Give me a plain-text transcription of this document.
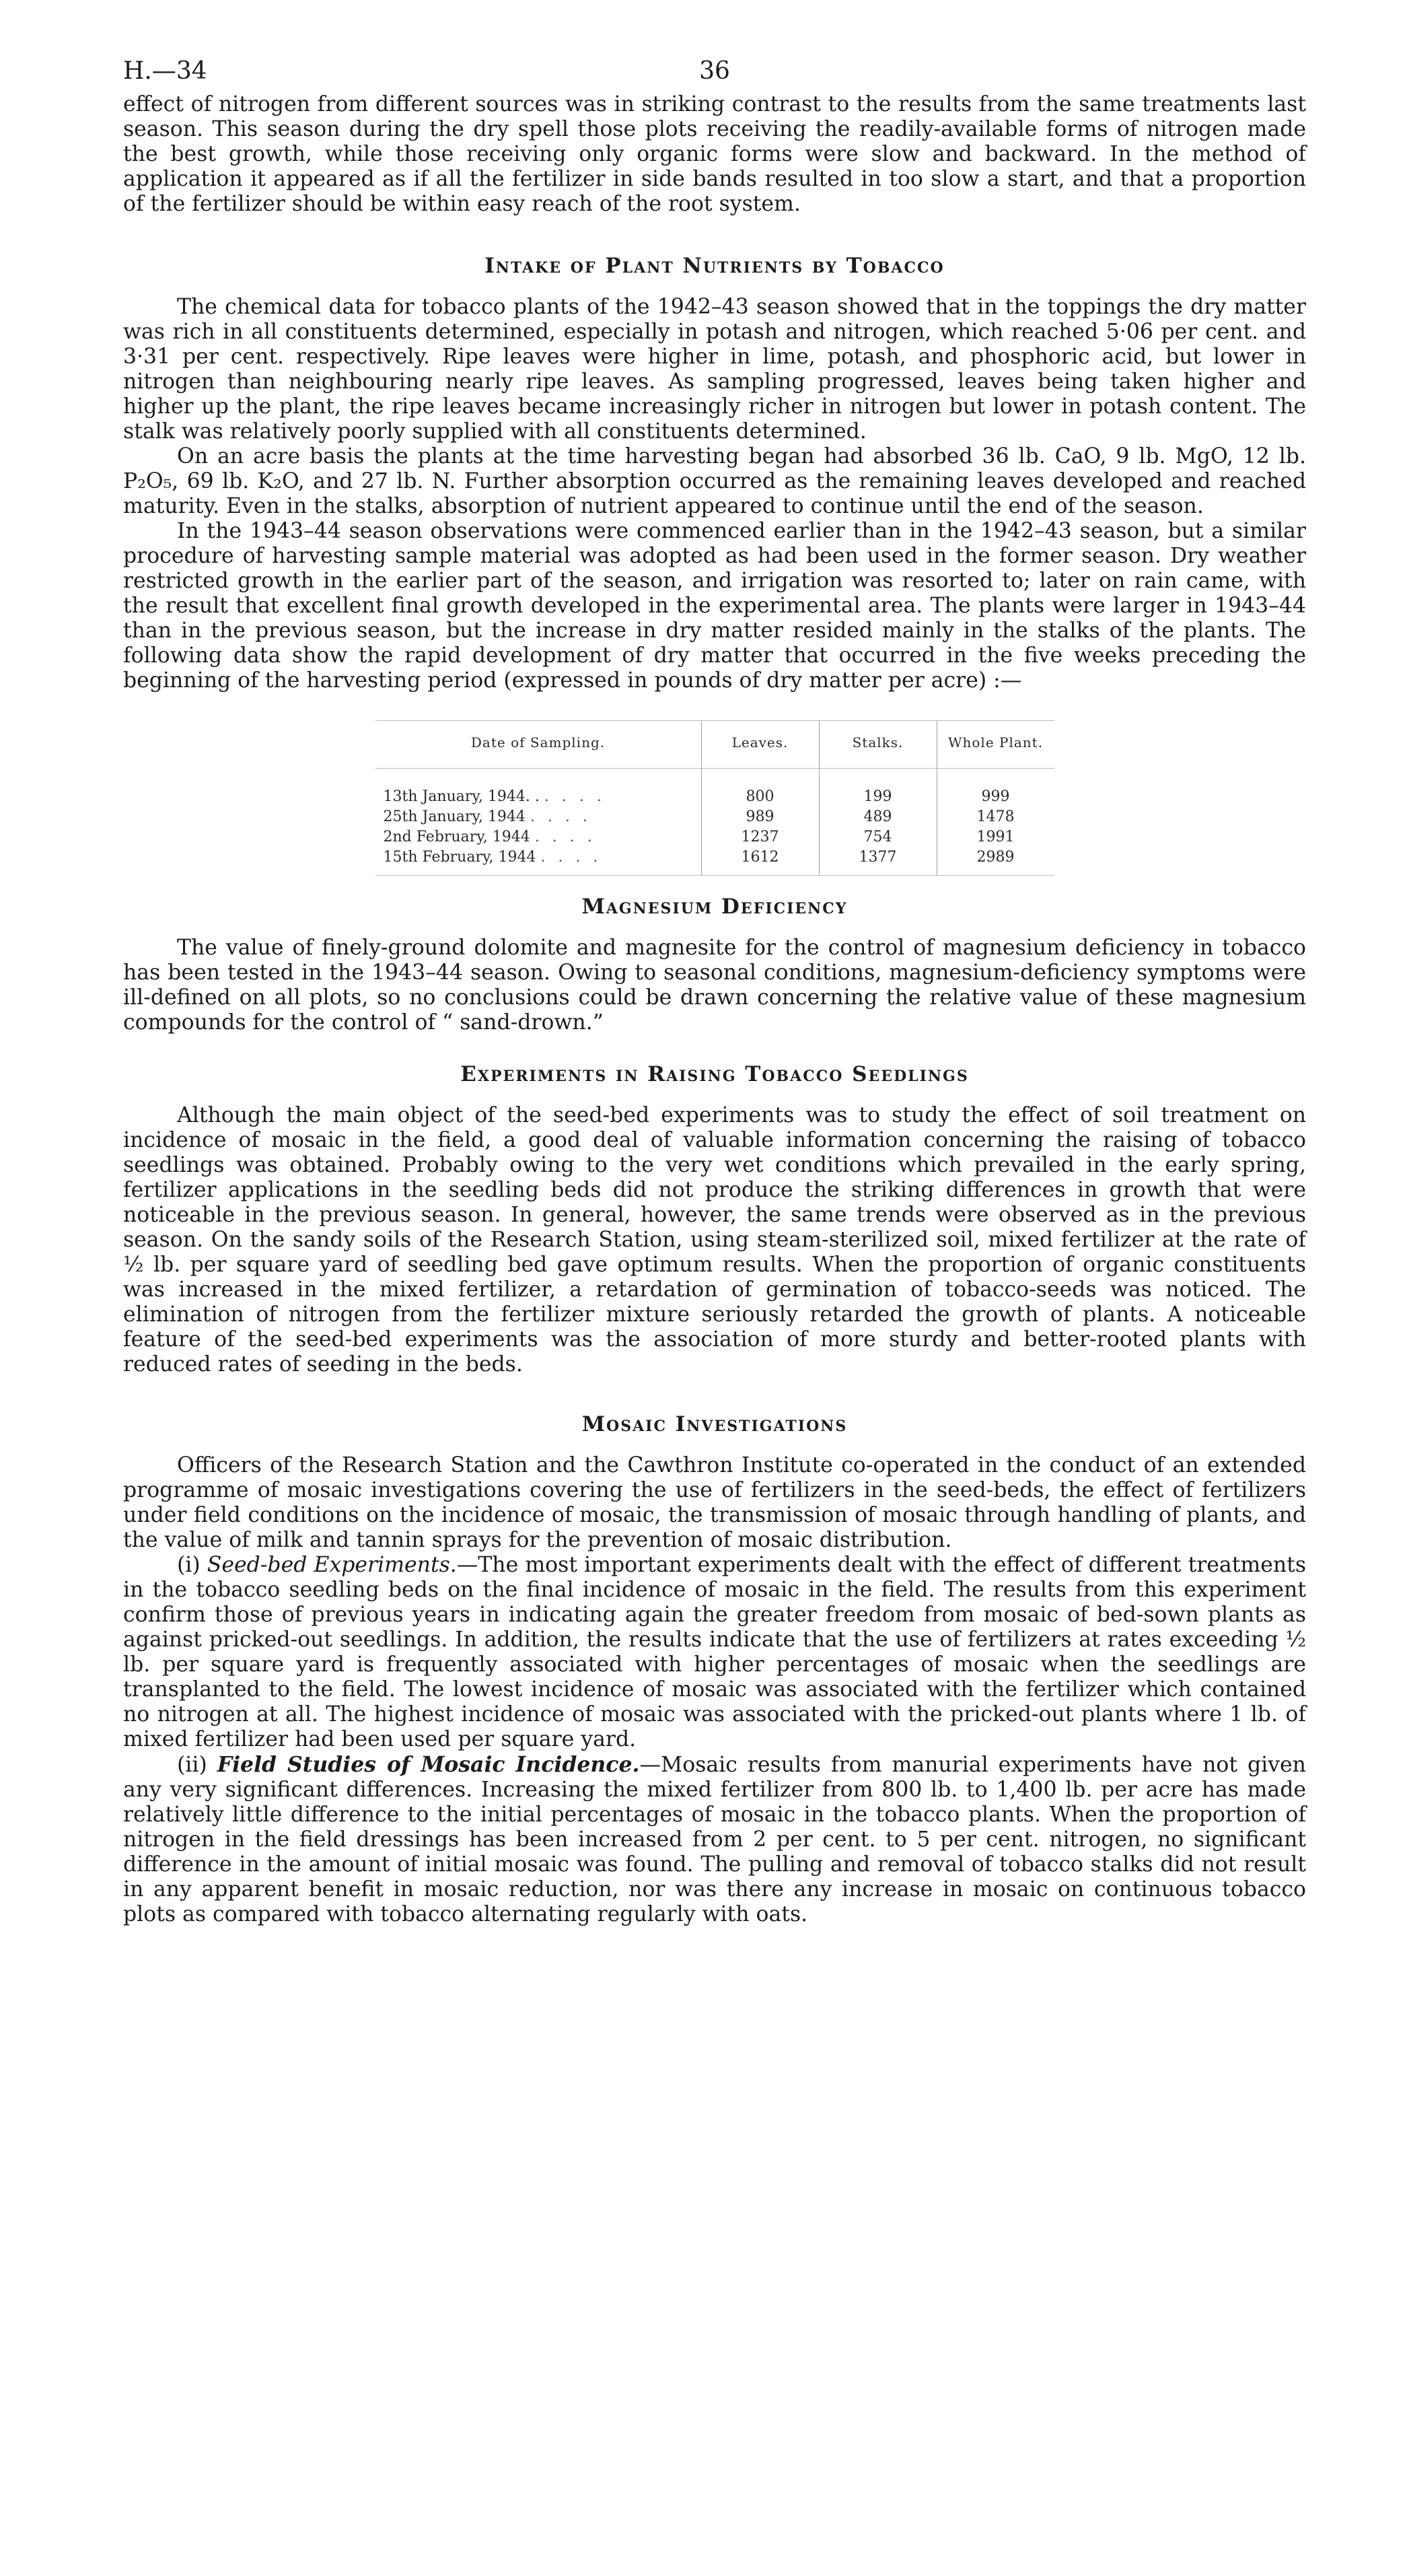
H.—34	36

effect of nitrogen from different sources was in striking contrast to the results from the same treatments last season. This season during the dry spell those plots receiving the readily-available forms of nitrogen made the best growth, while those receiving only organic forms were slow and backward. In the method of application it appeared as if all the fertilizer in side bands resulted in too slow a start, and that a proportion of the fertilizer should be within easy reach of the root system.

Intake of Plant Nutrients by Tobacco

The chemical data for tobacco plants of the 1942–43 season showed that in the toppings the dry matter was rich in all constituents determined, especially in potash and nitrogen, which reached 5·06 per cent. and 3·31 per cent. respectively. Ripe leaves were higher in lime, potash, and phosphoric acid, but lower in nitrogen than neighbouring nearly ripe leaves. As sampling progressed, leaves being taken higher and higher up the plant, the ripe leaves became increasingly richer in nitrogen but lower in potash content. The stalk was relatively poorly supplied with all constituents determined.

On an acre basis the plants at the time harvesting began had absorbed 36 lb. CaO, 9 lb. MgO, 12 lb. P₂O₅, 69 lb. K₂O, and 27 lb. N. Further absorption occurred as the remaining leaves developed and reached maturity. Even in the stalks, absorption of nutrient appeared to continue until the end of the season.

In the 1943–44 season observations were commenced earlier than in the 1942–43 season, but a similar procedure of harvesting sample material was adopted as had been used in the former season. Dry weather restricted growth in the earlier part of the season, and irrigation was resorted to; later on rain came, with the result that excellent final growth developed in the experimental area. The plants were larger in 1943–44 than in the previous season, but the increase in dry matter resided mainly in the stalks of the plants. The following data show the rapid development of dry matter that occurred in the five weeks preceding the beginning of the harvesting period (expressed in pounds of dry matter per acre) :—

Date of Sampling.	Leaves.	Stalks.	Whole Plant.
13th January, 1944. . . . . .	800	199	999
25th January, 1944 . . . .	989	489	1478
2nd February, 1944 . . . .	1237	754	1991
15th February, 1944 . . . .	1612	1377	2989
Magnesium Deficiency

The value of finely-ground dolomite and magnesite for the control of magnesium deficiency in tobacco has been tested in the 1943–44 season. Owing to seasonal conditions, magnesium-deficiency symptoms were ill-defined on all plots, so no conclusions could be drawn concerning the relative value of these magnesium compounds for the control of “ sand-drown.”

Experiments in Raising Tobacco Seedlings

Although the main object of the seed-bed experiments was to study the effect of soil treatment on incidence of mosaic in the field, a good deal of valuable information concerning the raising of tobacco seedlings was obtained. Probably owing to the very wet conditions which prevailed in the early spring, fertilizer applications in the seedling beds did not produce the striking differences in growth that were noticeable in the previous season. In general, however, the same trends were observed as in the previous season. On the sandy soils of the Research Station, using steam-sterilized soil, mixed fertilizer at the rate of ½ lb. per square yard of seedling bed gave optimum results. When the proportion of organic constituents was increased in the mixed fertilizer, a retardation of germination of tobacco-seeds was noticed. The elimination of nitrogen from the fertilizer mixture seriously retarded the growth of plants. A noticeable feature of the seed-bed experiments was the association of more sturdy and better-rooted plants with reduced rates of seeding in the beds.

Mosaic Investigations

Officers of the Research Station and the Cawthron Institute co-operated in the conduct of an extended programme of mosaic investigations covering the use of fertilizers in the seed-beds, the effect of fertilizers under field conditions on the incidence of mosaic, the transmission of mosaic through handling of plants, and the value of milk and tannin sprays for the prevention of mosaic distribution.

(i) Seed-bed Experiments.—The most important experiments dealt with the effect of different treatments in the tobacco seedling beds on the final incidence of mosaic in the field. The results from this experiment confirm those of previous years in indicating again the greater freedom from mosaic of bed-sown plants as against pricked-out seedlings. In addition, the results indicate that the use of fertilizers at rates exceeding ½ lb. per square yard is frequently associated with higher percentages of mosaic when the seedlings are transplanted to the field. The lowest incidence of mosaic was associated with the fertilizer which contained no nitrogen at all. The highest incidence of mosaic was associated with the pricked-out plants where 1 lb. of mixed fertilizer had been used per square yard.

(ii) Field Studies of Mosaic Incidence.—Mosaic results from manurial experiments have not given any very significant differences. Increasing the mixed fertilizer from 800 lb. to 1,400 lb. per acre has made relatively little difference to the initial percentages of mosaic in the tobacco plants. When the proportion of nitrogen in the field dressings has been increased from 2 per cent. to 5 per cent. nitrogen, no significant difference in the amount of initial mosaic was found. The pulling and removal of tobacco stalks did not result in any apparent benefit in mosaic reduction, nor was there any increase in mosaic on continuous tobacco plots as compared with tobacco alternating regularly with oats.
